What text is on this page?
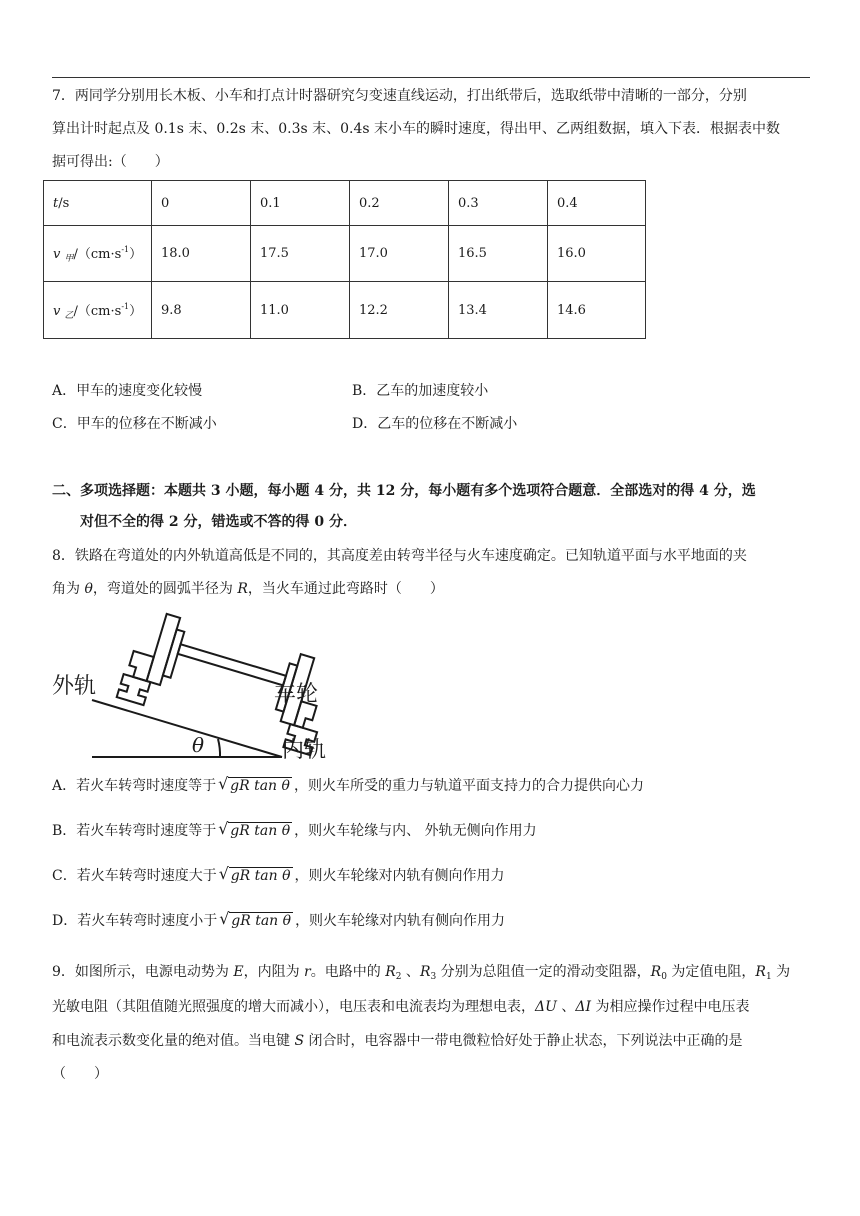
7．两同学分别用长木板、小车和打点计时器研究匀变速直线运动，打出纸带后，选取纸带中清晰的一部分，分别
算出计时起点及 0.1s 末、0.2s 末、0.3s 末、0.4s 末小车的瞬时速度，得出甲、乙两组数据，填入下表．根据表中数
据可得出:（　　）
t/s	0	0.1	0.2	0.3	0.4
v $_甲/(cm\cdot s^{-1})$	18.0	17.5	17.0	16.5	16.0
v $_乙/(cm\cdot s^{-1})$	9.8	11.0	12.2	13.4	14.6
A．甲车的速度变化较慢	B．乙车的加速度较小
C．甲车的位移在不断减小	D．乙车的位移在不断减小
二、多项选择题：本题共 3 小题，每小题 4 分，共 12 分，每小题有多个选项符合题意．全部选对的得 4 分，选
对但不全的得 2 分，错选或不答的得 0 分．
8．铁路在弯道处的内外轨道高低是不同的，其高度差由转弯半径与火车速度确定。已知轨道平面与水平地面的夹
角为 θ，弯道处的圆弧半径为 R，当火车通过此弯路时（　　）
外轨	车轮
内轨
θ
A．若火车转弯时速度等于 √ gR tan θ ，则火车所受的重力与轨道平面支持力的合力提供向心力
B．若火车转弯时速度等于 √ gR tan θ ，则火车轮缘与内、 外轨无侧向作用力
C．若火车转弯时速度大于 √ gR tan θ ，则火车轮缘对内轨有侧向作用力
D．若火车转弯时速度小于 √ gR tan θ ，则火车轮缘对内轨有侧向作用力
9．如图所示，电源电动势为 E，内阻为 r。电路中的 $R_2$ 、$R_3$ 分别为总阻值一定的滑动变阻器，$R_0$ 为定值电阻，$R_1$ 为
光敏电阻（其阻值随光照强度的增大而减小），电压表和电流表均为理想电表，ΔU 、ΔI 为相应操作过程中电压表
和电流表示数变化量的绝对值。当电键 S 闭合时，电容器中一带电微粒恰好处于静止状态，下列说法中正确的是
（　　）
